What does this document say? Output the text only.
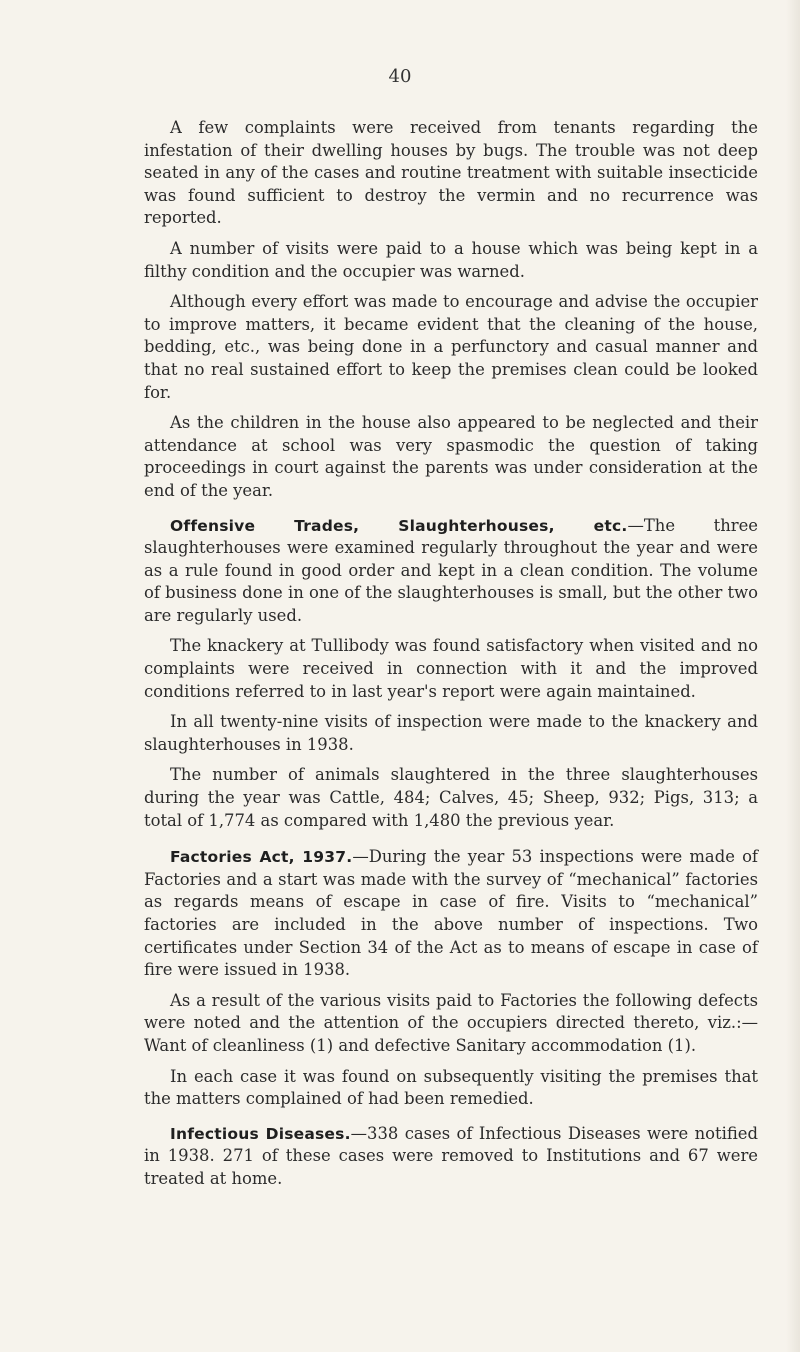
40

A few complaints were received from tenants regarding the infestation of their dwelling houses by bugs. The trouble was not deep seated in any of the cases and routine treatment with suitable insecticide was found sufficient to destroy the vermin and no recurrence was reported.

A number of visits were paid to a house which was being kept in a filthy condition and the occupier was warned.

Although every effort was made to encourage and advise the occupier to improve matters, it became evident that the cleaning of the house, bedding, etc., was being done in a perfunctory and casual manner and that no real sustained effort to keep the premises clean could be looked for.

As the children in the house also appeared to be neglected and their attendance at school was very spasmodic the question of taking proceedings in court against the parents was under consideration at the end of the year.

Offensive Trades, Slaughterhouses, etc.—The three slaughterhouses were examined regularly throughout the year and were as a rule found in good order and kept in a clean condition. The volume of business done in one of the slaughterhouses is small, but the other two are regularly used.

The knackery at Tullibody was found satisfactory when visited and no complaints were received in connection with it and the improved conditions referred to in last year's report were again maintained.

In all twenty-nine visits of inspection were made to the knackery and slaughterhouses in 1938.

The number of animals slaughtered in the three slaughterhouses during the year was Cattle, 484; Calves, 45; Sheep, 932; Pigs, 313; a total of 1,774 as compared with 1,480 the previous year.

Factories Act, 1937.—During the year 53 inspections were made of Factories and a start was made with the survey of “mechanical” factories as regards means of escape in case of fire. Visits to “mechanical” factories are included in the above number of inspections. Two certificates under Section 34 of the Act as to means of escape in case of fire were issued in 1938.

As a result of the various visits paid to Factories the following defects were noted and the attention of the occupiers directed thereto, viz.:—Want of cleanliness (1) and defective Sanitary accommodation (1).

In each case it was found on subsequently visiting the premises that the matters complained of had been remedied.

Infectious Diseases.—338 cases of Infectious Diseases were notified in 1938. 271 of these cases were removed to Institutions and 67 were treated at home.
